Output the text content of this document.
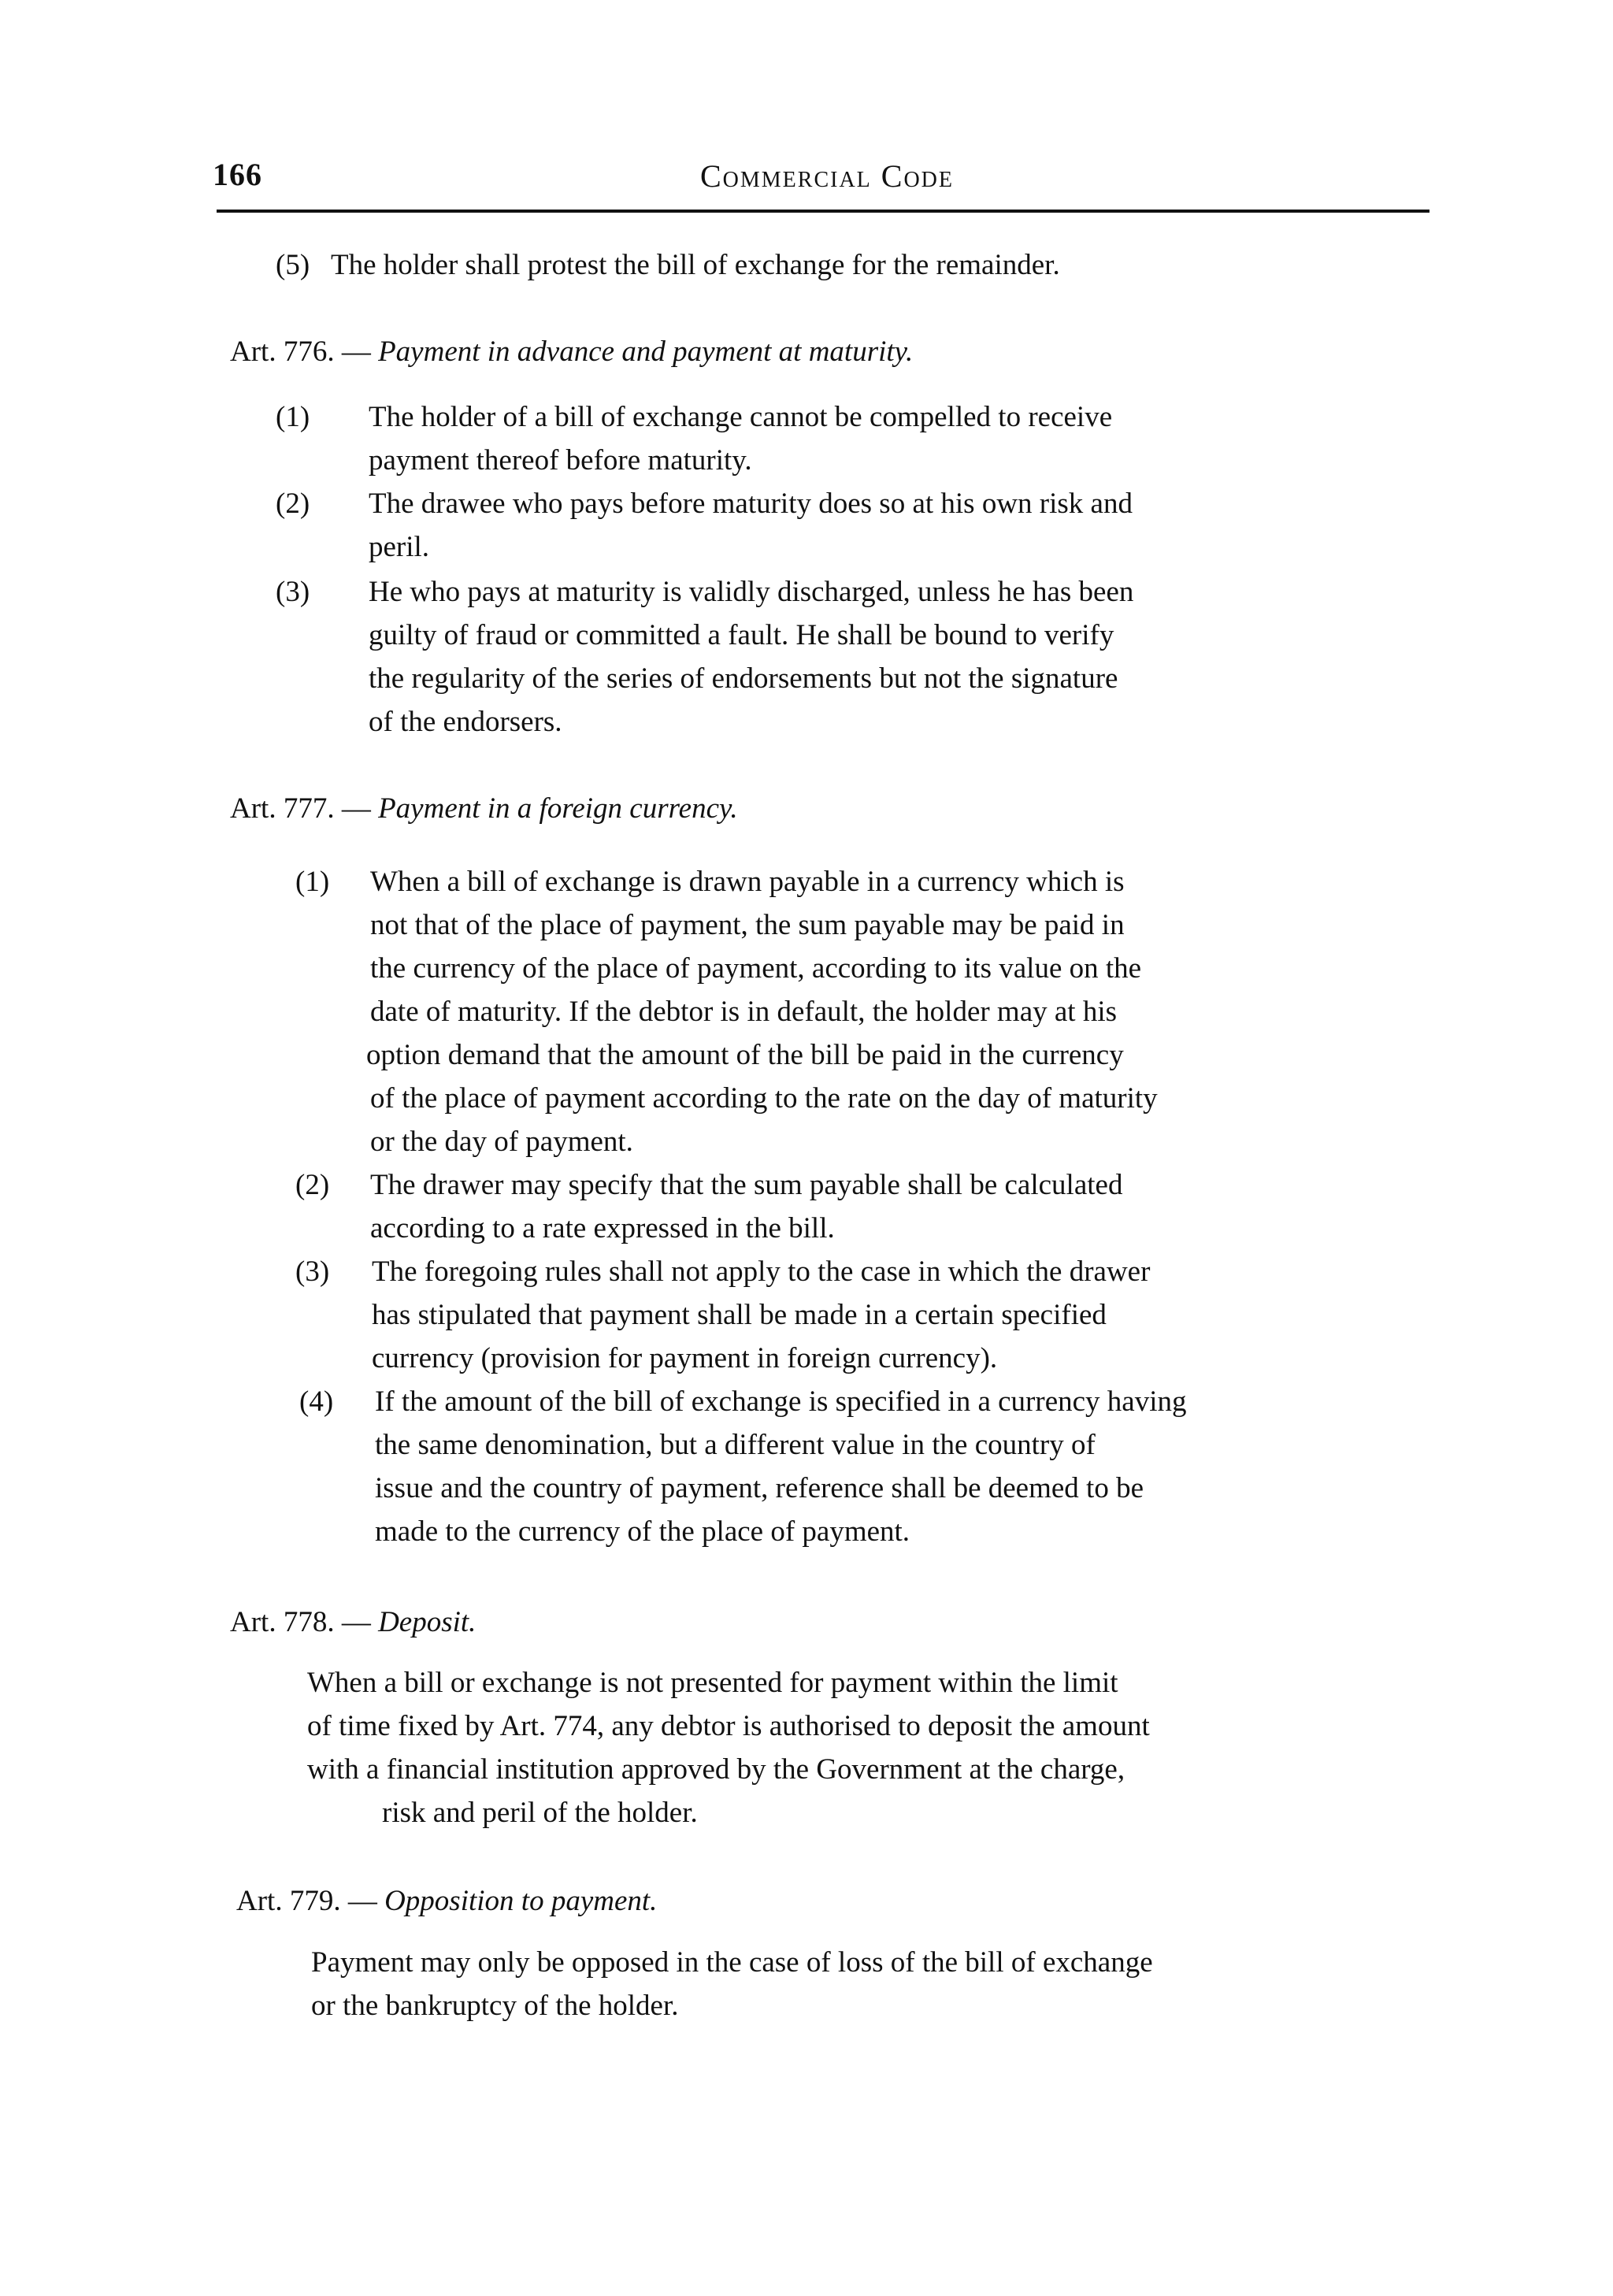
166	Commercial Code
(5) The holder shall protest the bill of exchange for the remainder.
Art. 776. — Payment in advance and payment at maturity.
(1) The holder of a bill of exchange cannot be compelled to receive
payment thereof before maturity.
(2) The drawee who pays before maturity does so at his own risk and
peril.
(3) He who pays at maturity is validly discharged, unless he has been
guilty of fraud or committed a fault. He shall be bound to verify
the regularity of the series of endorsements but not the signature
of the endorsers.
Art. 777. — Payment in a foreign currency.
(1) When a bill of exchange is drawn payable in a currency which is
not that of the place of payment, the sum payable may be paid in
the currency of the place of payment, according to its value on the
date of maturity. If the debtor is in default, the holder may at his
option demand that the amount of the bill be paid in the currency
of the place of payment according to the rate on the day of maturity
or the day of payment.
(2) The drawer may specify that the sum payable shall be calculated
according to a rate expressed in the bill.
(3) The foregoing rules shall not apply to the case in which the drawer
has stipulated that payment shall be made in a certain specified
currency (provision for payment in foreign currency).
(4) If the amount of the bill of exchange is specified in a currency having
the same denomination, but a different value in the country of
issue and the country of payment, reference shall be deemed to be
made to the currency of the place of payment.
Art. 778. — Deposit.
When a bill or exchange is not presented for payment within the limit
of time fixed by Art. 774, any debtor is authorised to deposit the amount
with a financial institution approved by the Government at the charge,
risk and peril of the holder.
Art. 779. — Opposition to payment.
Payment may only be opposed in the case of loss of the bill of exchange
or the bankruptcy of the holder.
